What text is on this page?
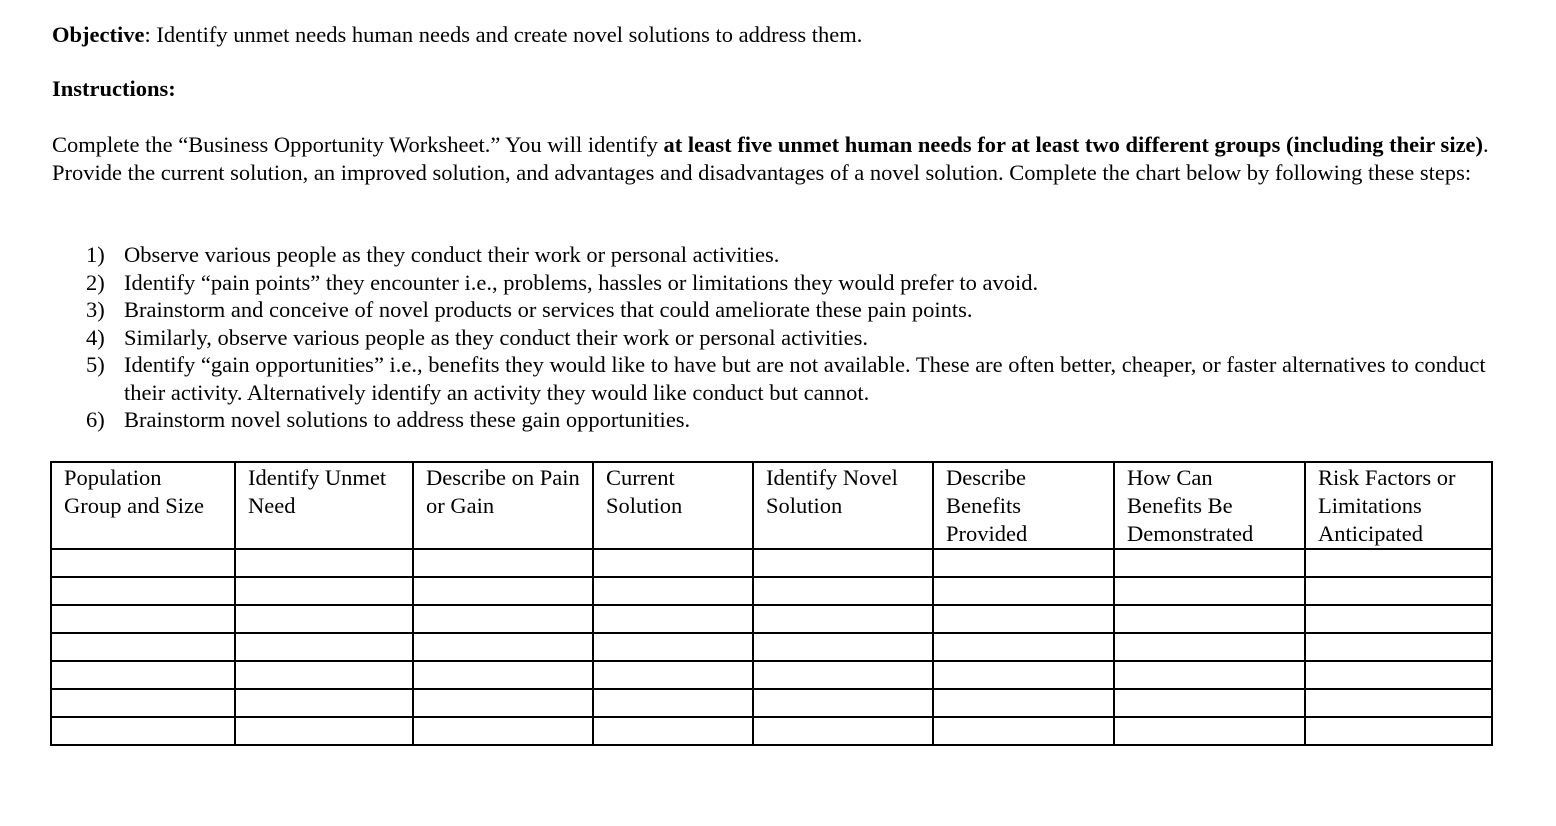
Objective: Identify unmet needs human needs and create novel solutions to address them.
Instructions:

Complete the “Business Opportunity Worksheet.” You will identify at least five unmet human needs for at least two different groups (including their size). Provide the current solution, an improved solution, and advantages and disadvantages of a novel solution. Complete the chart below by following these steps:

1) Observe various people as they conduct their work or personal activities.
2) Identify “pain points” they encounter i.e., problems, hassles or limitations they would prefer to avoid.
3) Brainstorm and conceive of novel products or services that could ameliorate these pain points.
4) Similarly, observe various people as they conduct their work or personal activities.
5) Identify “gain opportunities” i.e., benefits they would like to have but are not available. These are often better, cheaper, or faster alternatives to conduct their activity. Alternatively identify an activity they would like conduct but cannot.
6) Brainstorm novel solutions to address these gain opportunities.
Population Group and Size	Identify Unmet Need	Describe on Pain or Gain	Current Solution	Identify Novel Solution	Describe Benefits Provided	How Can Benefits Be Demonstrated	Risk Factors or Limitations Anticipated
